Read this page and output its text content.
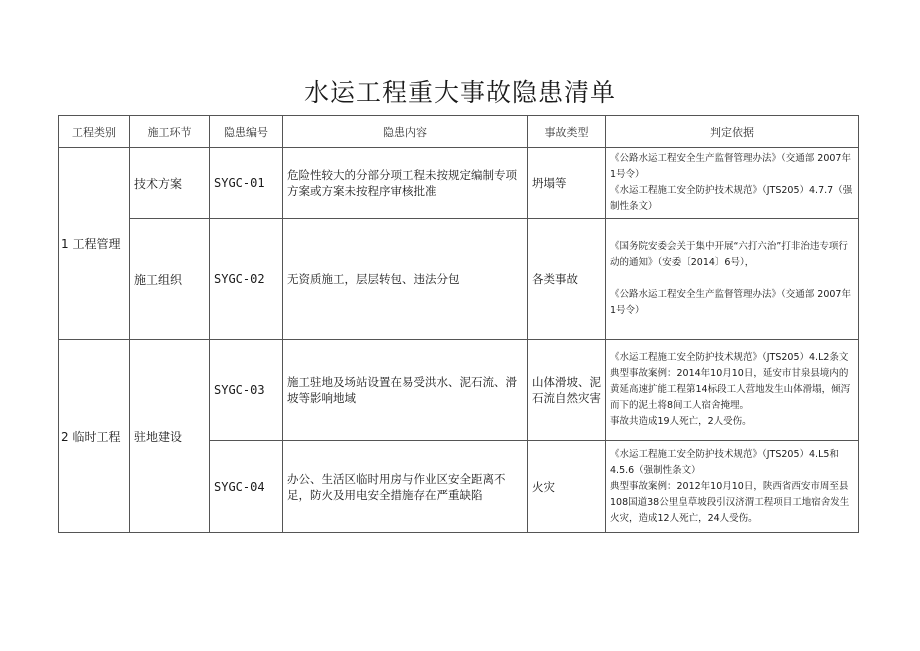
水运工程重大事故隐患清单
工程类别	施工环节	隐患编号	隐患内容	事故类型	判定依据
1 工程管理	技术方案	SYGC-01	危险性较大的分部分项工程未按规定编制专项方案或方案未按程序审核批准	坍塌等	《公路水运工程安全生产监督管理办法》（交通部 2007年1号令）
《水运工程施工安全防护技术规范》（JTS205）4.7.7（强制性条文）

	施工组织	SYGC-02	无资质施工，层层转包、违法分包	各类事故	《国务院安委会关于集中开展“六打六治”打非治违专项行动的通知》（安委〔2014〕6号），
《公路水运工程安全生产监督管理办法》（交通部 2007年1号令）

2 临时工程	驻地建设	SYGC-03	施工驻地及场站设置在易受洪水、泥石流、滑坡等影响地域	山体滑坡、泥石流自然灾害	《水运工程施工安全防护技术规范》（JTS205）4.L2条文
典型事故案例：2014年10月10日，延安市甘泉县境内的黄延高速扩能工程第14标段工人营地发生山体滑塌，倾泻而下的泥土将8间工人宿舍掩埋。
事故共造成19人死亡，2人受伤。

		SYGC-04	办公、生活区临时用房与作业区安全距离不足，防火及用电安全措施存在严重缺陷	火灾	《水运工程施工安全防护技术规范》（JTS205）4.L5和4.5.6（强制性条文）
典型事故案例：2012年10月10日，陕西省西安市周至县108国道38公里皇草坡段引汉济渭工程项目工地宿舍发生火灾，造成12人死亡，24人受伤。
